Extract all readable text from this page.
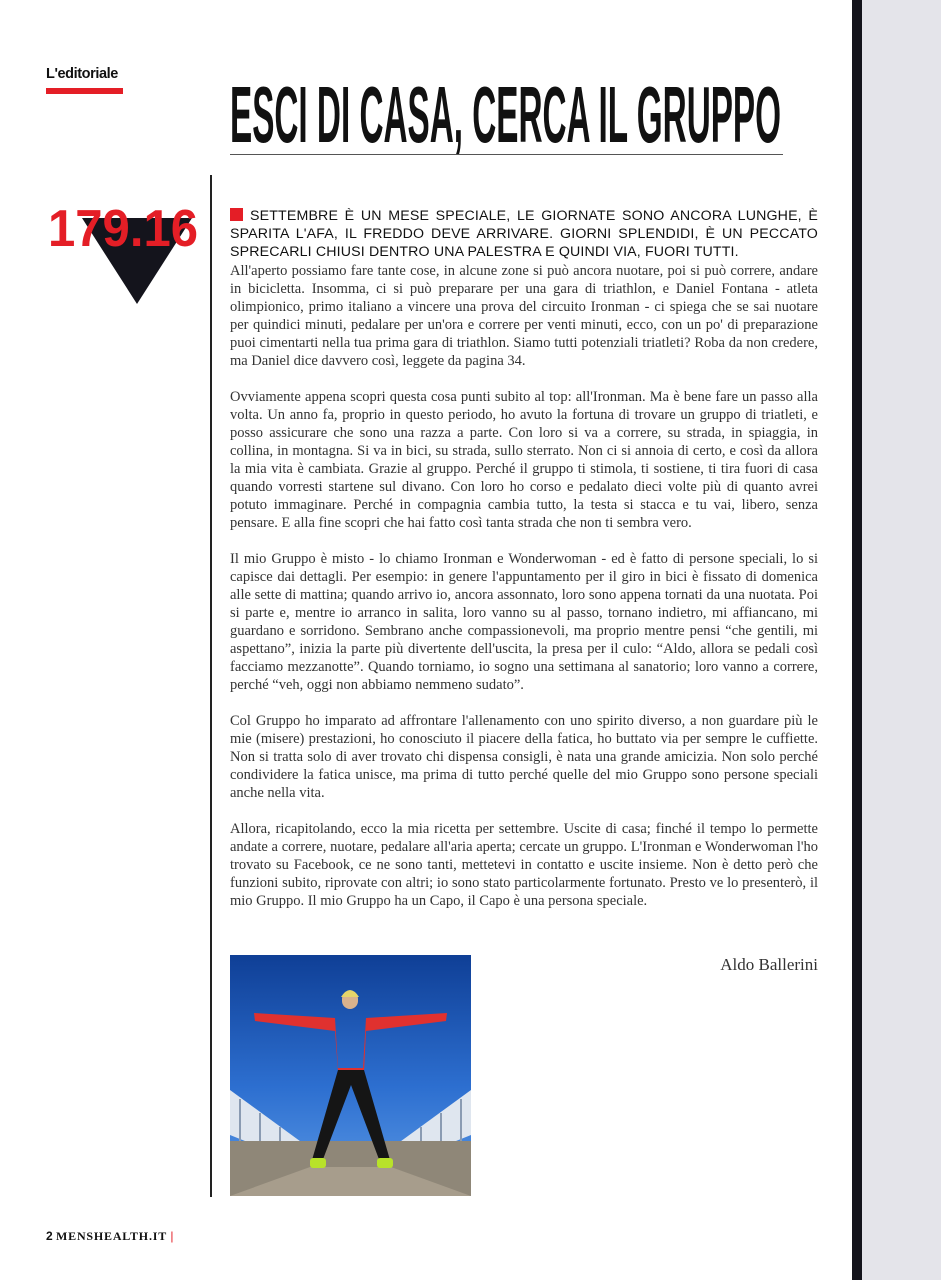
L'editoriale ESCI DI CASA, CERCA IL GRUPPO
179.16	SETTEMBRE È UN MESE SPECIALE, LE GIORNATE SONO ANCORA LUNGHE, È SPARITA L'AFA, IL FREDDO DEVE ARRIVARE. GIORNI SPLENDIDI, È UN PECCATO SPRECARLI CHIUSI DENTRO UNA PALESTRA E QUINDI VIA, FUORI TUTTI.

All'aperto possiamo fare tante cose, in alcune zone si può ancora nuotare, poi si può correre, andare in bicicletta. Insomma, ci si può preparare per una gara di triathlon, e Daniel Fontana - atleta olimpionico, primo italiano a vincere una prova del circuito Ironman - ci spiega che se sai nuotare per quindici minuti, pedalare per un'ora e correre per venti minuti, ecco, con un po' di preparazione puoi cimentarti nella tua prima gara di triathlon. Siamo tutti potenziali triatleti? Roba da non credere, ma Daniel dice davvero così, leggete da pagina 34.

Ovviamente appena scopri questa cosa punti subito al top: all'Ironman. Ma è bene fare un passo alla volta. Un anno fa, proprio in questo periodo, ho avuto la fortuna di trovare un gruppo di triatleti, e posso assicurare che sono una razza a parte. Con loro si va a correre, su strada, in spiaggia, in collina, in montagna. Si va in bici, su strada, sullo sterrato. Non ci si annoia di certo, e così da allora la mia vita è cambiata. Grazie al gruppo. Perché il gruppo ti stimola, ti sostiene, ti tira fuori di casa quando vorresti startene sul divano. Con loro ho corso e pedalato dieci volte più di quanto avrei potuto immaginare. Perché in compagnia cambia tutto, la testa si stacca e tu vai, libero, senza pensare. E alla fine scopri che hai fatto così tanta strada che non ti sembra vero.

Il mio Gruppo è misto - lo chiamo Ironman e Wonderwoman - ed è fatto di persone speciali, lo si capisce dai dettagli. Per esempio: in genere l'appuntamento per il giro in bici è fissato di domenica alle sette di mattina; quando arrivo io, ancora assonnato, loro sono appena tornati da una nuotata. Poi si parte e, mentre io arranco in salita, loro vanno su al passo, tornano indietro, mi affiancano, mi guardano e sorridono. Sembrano anche compassionevoli, ma proprio mentre pensi “che gentili, mi aspettano”, inizia la parte più divertente dell'uscita, la presa per il culo: “Aldo, allora se pedali così facciamo mezzanotte”. Quando torniamo, io sogno una settimana al sanatorio; loro vanno a correre, perché “veh, oggi non abbiamo nemmeno sudato”.

Col Gruppo ho imparato ad affrontare l'allenamento con uno spirito diverso, a non guardare più le mie (misere) prestazioni, ho conosciuto il piacere della fatica, ho buttato via per sempre le cuffiette. Non si tratta solo di aver trovato chi dispensa consigli, è nata una grande amicizia. Non solo perché condividere la fatica unisce, ma prima di tutto perché quelle del mio Gruppo sono persone speciali anche nella vita.

Allora, ricapitolando, ecco la mia ricetta per settembre. Uscite di casa; finché il tempo lo permette andate a correre, nuotare, pedalare all'aria aperta; cercate un gruppo. L'Ironman e Wonderwoman l'ho trovato su Facebook, ce ne sono tanti, mettetevi in contatto e uscite insieme. Non è detto però che funzioni subito, riprovate con altri; io sono stato particolarmente fortunato. Presto ve lo presenterò, il mio Gruppo. Il mio Gruppo ha un Capo, il Capo è una persona speciale.

Aldo Ballerini
2 MENSHEALTH.IT |
